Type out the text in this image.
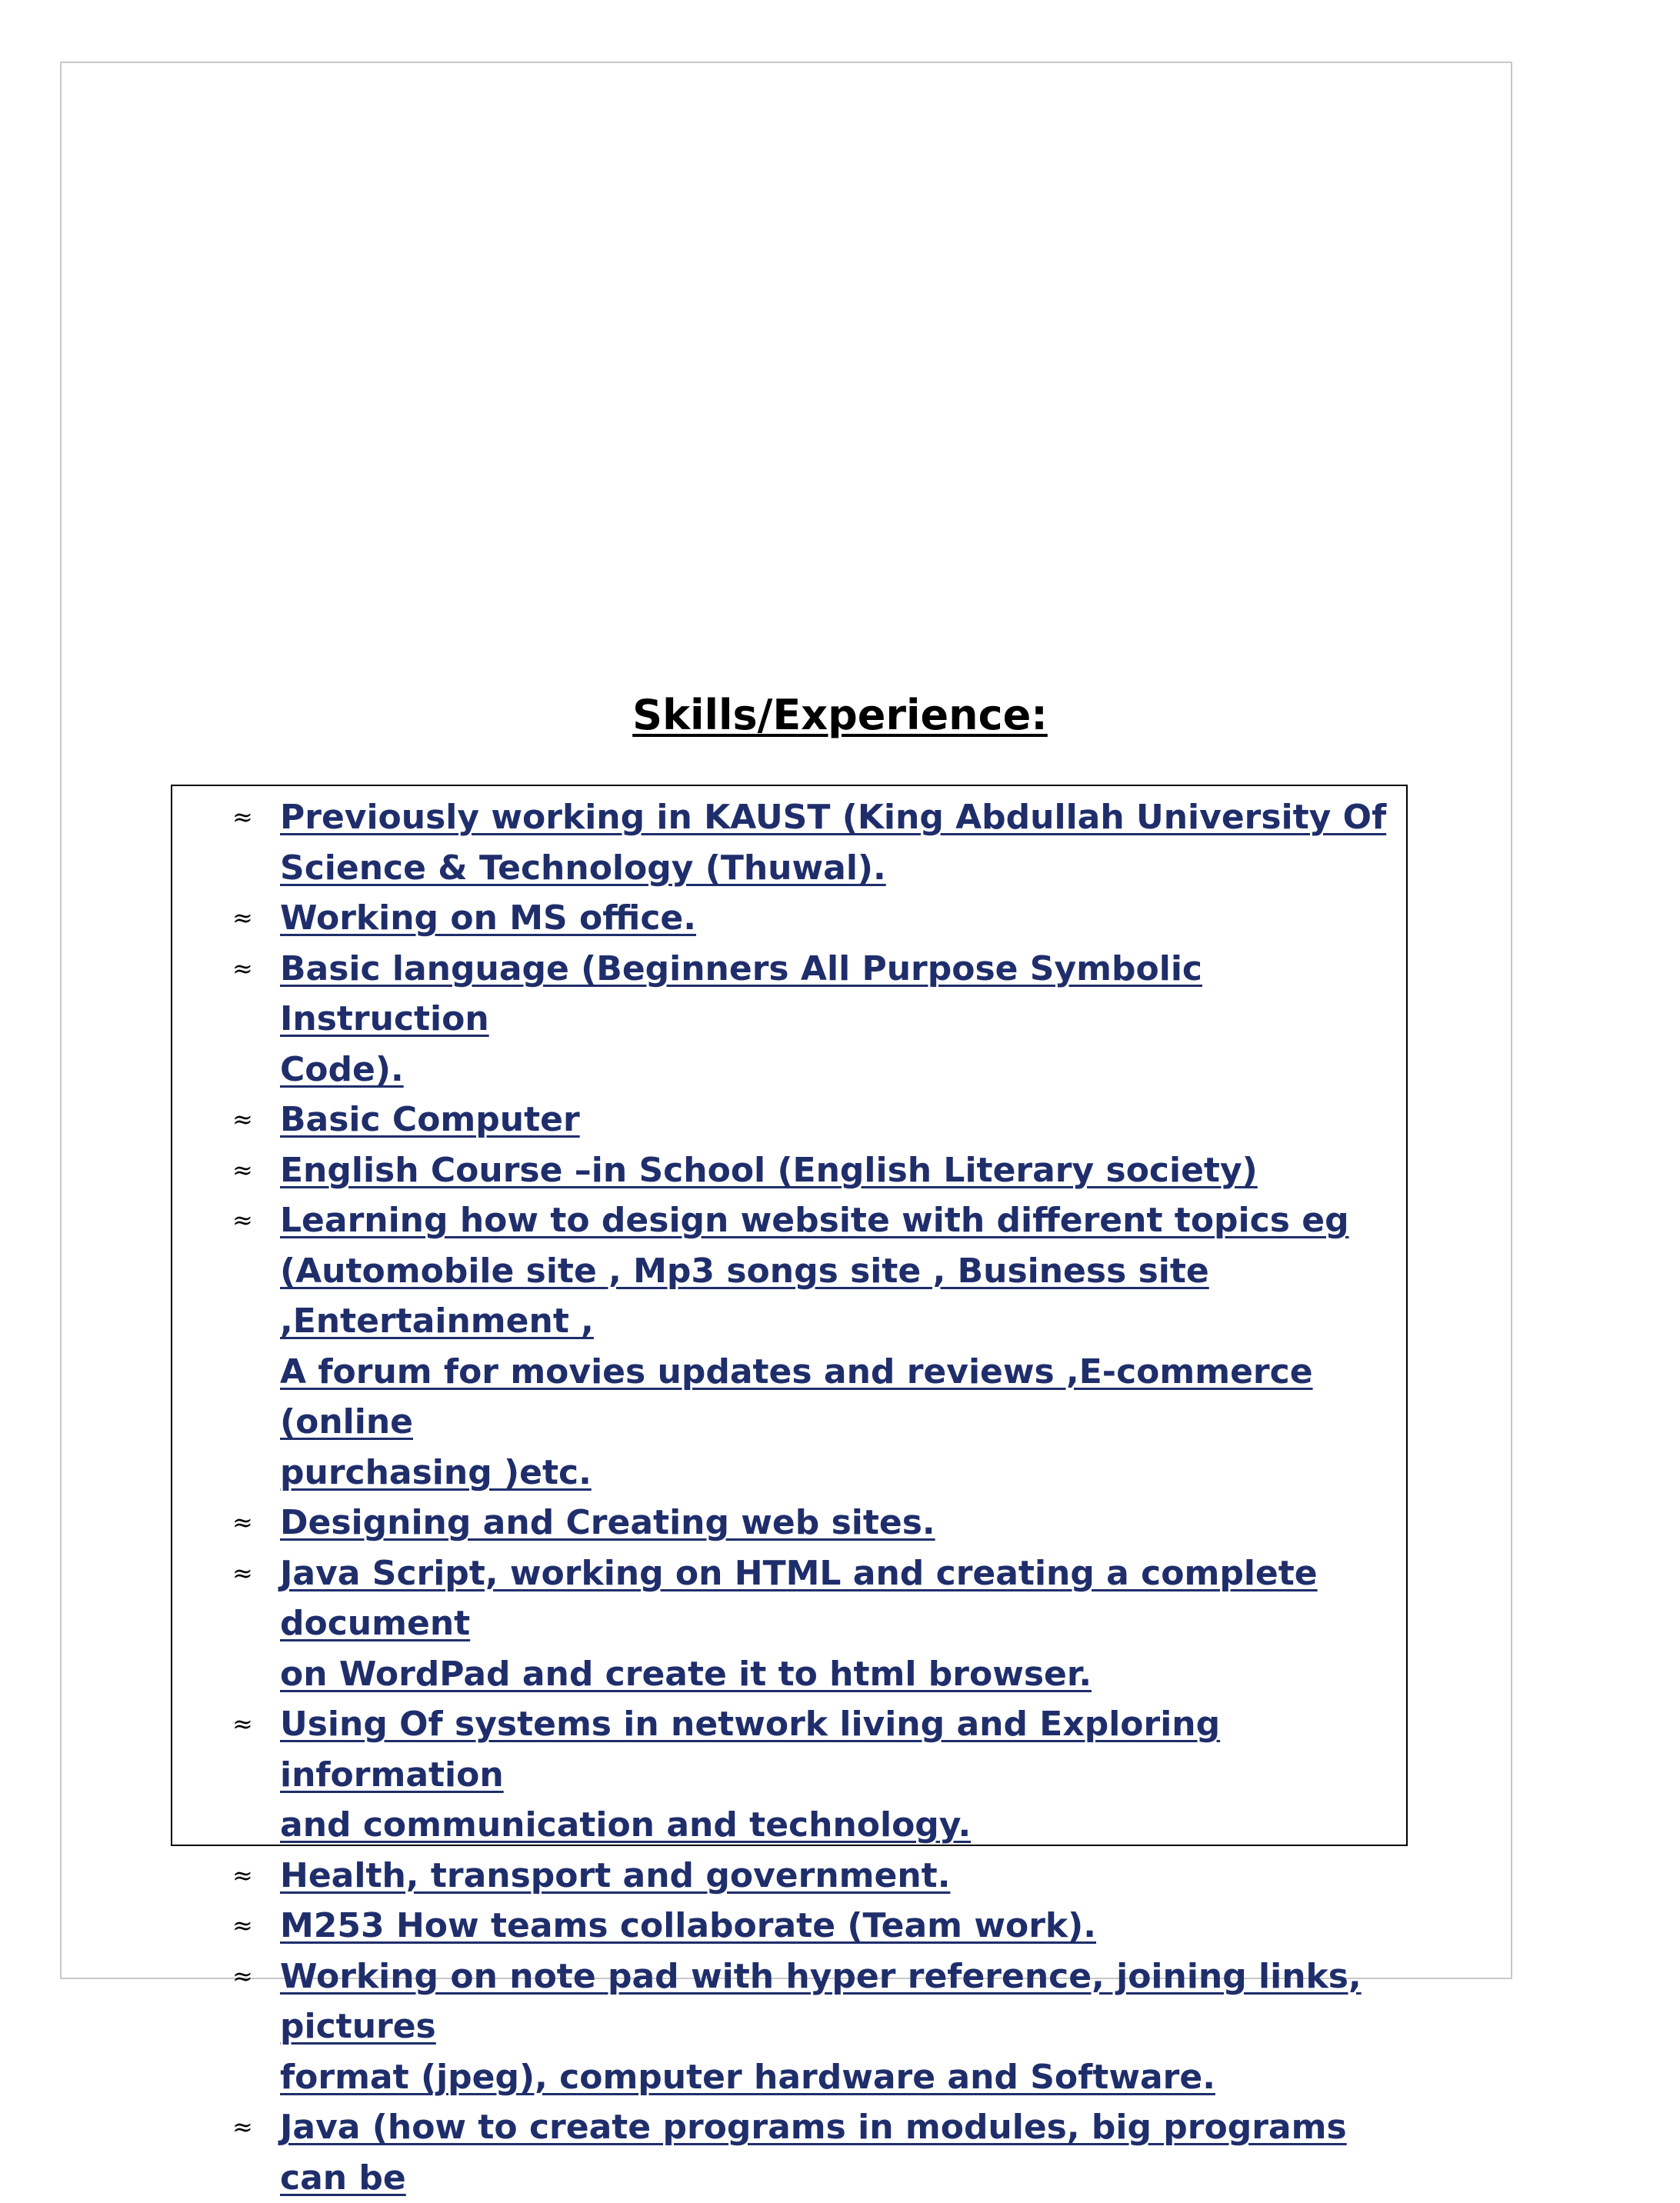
Skills/Experience:
≈ Previously working in KAUST (King Abdullah University Of
Science & Technology (Thuwal).
≈ Working on MS office.
≈ Basic language (Beginners All Purpose Symbolic Instruction
Code).
≈ Basic Computer
≈ English Course –in School (English Literary society)
≈ Learning how to design website with different topics eg
(Automobile site , Mp3 songs site , Business site ,Entertainment ,
A forum for movies updates and reviews ,E-commerce (online
purchasing )etc.
≈ Designing and Creating web sites.
≈ Java Script, working on HTML and creating a complete document
on WordPad and create it to html browser.
≈ Using Of systems in network living and Exploring information
and communication and technology.
≈ Health, transport and government.
≈ M253 How teams collaborate (Team work).
≈ Working on note pad with hyper reference, joining links, pictures
format (jpeg), computer hardware and Software.
≈ Java (how to create programs in modules, big programs can be
